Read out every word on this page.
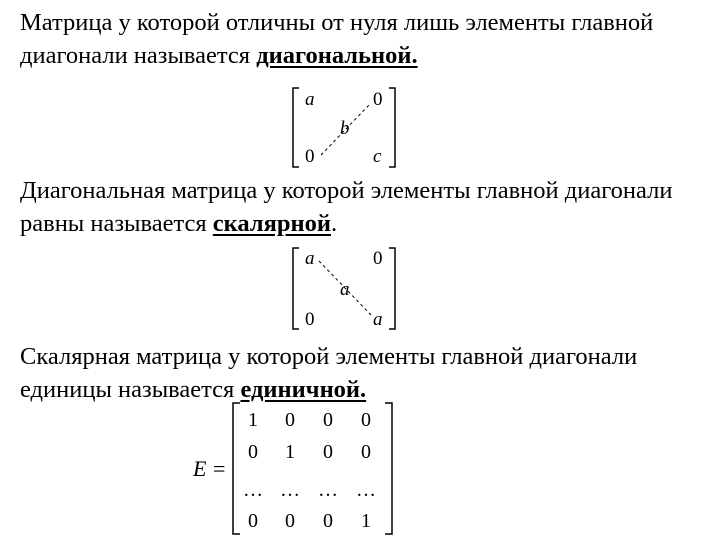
Матрица у которой отличны от нуля лишь элементы главной диагонали называется диагональной.

a	0
b
0	c

Диагональная матрица у которой элементы главной диагонали равны называется скалярной.

a	0
a
0	a

Скалярная матрица у которой элементы главной диагонали единицы называется единичной.

E =
1 0 0 0
0 1 0 0
… … … …
0 0 0 1
